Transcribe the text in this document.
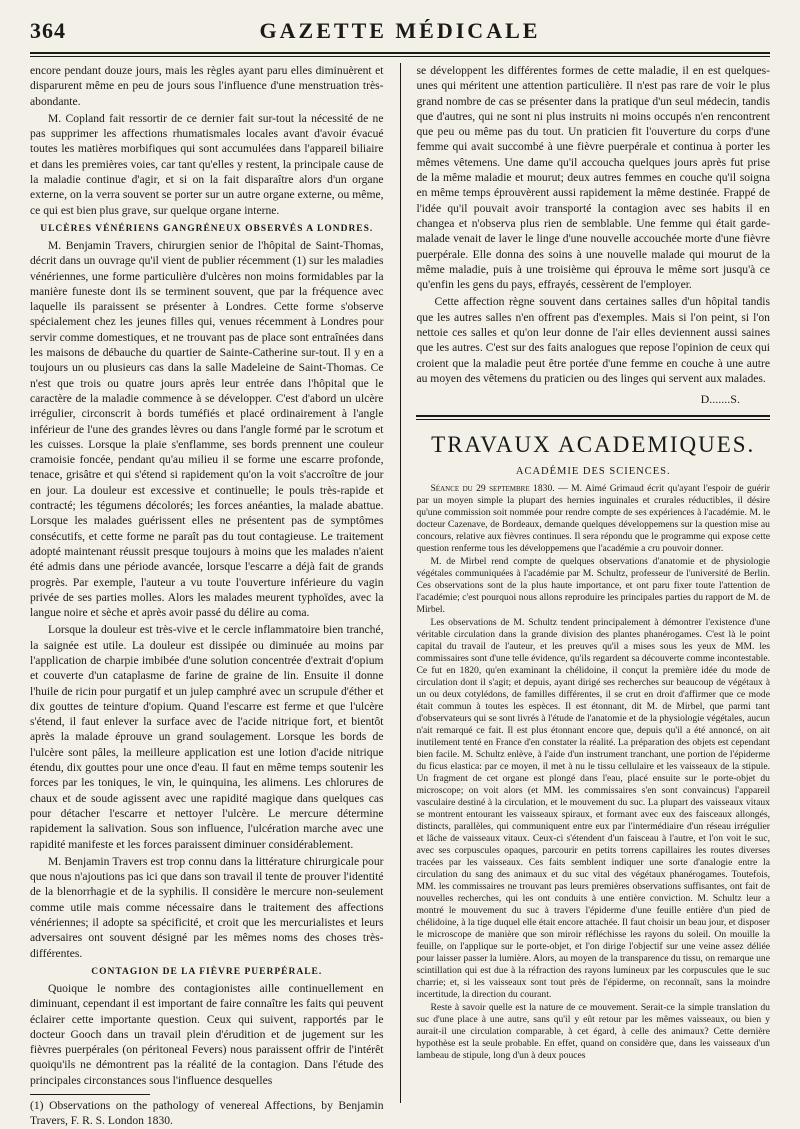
364	GAZETTE MÉDICALE

encore pendant douze jours, mais les règles ayant paru elles diminuèrent et disparurent même en peu de jours sous l'influence d'une menstruation très-abondante.

M. Copland fait ressortir de ce dernier fait sur-tout la nécessité de ne pas supprimer les affections rhumatismales locales avant d'avoir évacué toutes les matières morbifiques qui sont accumulées dans l'appareil biliaire et dans les premières voies, car tant qu'elles y restent, la principale cause de la maladie continue d'agir, et si on la fait disparaître alors d'un organe externe, on la verra souvent se porter sur un autre organe externe, ou même, ce qui est bien plus grave, sur quelque organe interne.

ULCÈRES VÉNÉRIENS GANGRÉNEUX OBSERVÉS A LONDRES.

M. Benjamin Travers, chirurgien senior de l'hôpital de Saint-Thomas, décrit dans un ouvrage qu'il vient de publier récemment (1) sur les maladies vénériennes, une forme particulière d'ulcères non moins formidables par la manière funeste dont ils se terminent souvent, que par la fréquence avec laquelle ils paraissent se présenter à Londres. Cette forme s'observe spécialement chez les jeunes filles qui, venues récemment à Londres pour servir comme domestiques, et ne trouvant pas de place sont entraînées dans les maisons de débauche du quartier de Sainte-Catherine sur-tout. Il y en a toujours un ou plusieurs cas dans la salle Madeleine de Saint-Thomas. Ce n'est que trois ou quatre jours après leur entrée dans l'hôpital que le caractère de la maladie commence à se développer. C'est d'abord un ulcère irrégulier, circonscrit à bords tuméfiés et placé ordinairement à l'angle inférieur de l'une des grandes lèvres ou dans l'angle formé par le scrotum et les cuisses. Lorsque la plaie s'enflamme, ses bords prennent une couleur cramoisie foncée, pendant qu'au milieu il se forme une escarre profonde, tenace, grisâtre et qui s'étend si rapidement qu'on la voit s'accroître de jour en jour. La douleur est excessive et continuelle; le pouls très-rapide et contracté; les tégumens décolorés; les forces anéanties, la malade abattue. Lorsque les malades guérissent elles ne présentent pas de symptômes consécutifs, et cette forme ne paraît pas du tout contagieuse. Le traitement adopté maintenant réussit presque toujours à moins que les malades n'aient été admis dans une période avancée, lorsque l'escarre a déjà fait de grands progrès. Par exemple, l'auteur a vu toute l'ouverture inférieure du vagin privée de ses parties molles. Alors les malades meurent typhoïdes, avec la langue noire et sèche et après avoir passé du délire au coma.

Lorsque la douleur est très-vive et le cercle inflammatoire bien tranché, la saignée est utile. La douleur est dissipée ou diminuée au moins par l'application de charpie imbibée d'une solution concentrée d'extrait d'opium et couverte d'un cataplasme de farine de graine de lin. Ensuite il donne l'huile de ricin pour purgatif et un julep camphré avec un scrupule d'éther et dix gouttes de teinture d'opium. Quand l'escarre est ferme et que l'ulcère s'étend, il faut enlever la surface avec de l'acide nitrique fort, et bientôt après la malade éprouve un grand soulagement. Lorsque les bords de l'ulcère sont pâles, la meilleure application est une lotion d'acide nitrique étendu, dix gouttes pour une once d'eau. Il faut en même temps soutenir les forces par les toniques, le vin, le quinquina, les alimens. Les chlorures de chaux et de soude agissent avec une rapidité magique dans quelques cas pour détacher l'escarre et nettoyer l'ulcère. Le mercure détermine rapidement la salivation. Sous son influence, l'ulcération marche avec une rapidité manifeste et les forces paraissent diminuer considérablement.

M. Benjamin Travers est trop connu dans la littérature chirurgicale pour que nous n'ajoutions pas ici que dans son travail il tente de prouver l'identité de la blenorrhagie et de la syphilis. Il considère le mercure non-seulement comme utile mais comme nécessaire dans le traitement des affections vénériennes; il adopte sa spécificité, et croit que les mercurialistes et leurs adversaires ont souvent désigné par les mêmes noms des choses très-différentes.

CONTAGION DE LA FIÈVRE PUERPÉRALE.

Quoique le nombre des contagionistes aille continuellement en diminuant, cependant il est important de faire connaître les faits qui peuvent éclairer cette importante question. Ceux qui suivent, rapportés par le docteur Gooch dans un travail plein d'érudition et de jugement sur les fièvres puerpérales (on péritoneal Fevers) nous paraissent offrir de l'intérêt quoiqu'ils ne démontrent pas la réalité de la contagion. Dans l'étude des principales circonstances sous l'influence desquelles

(1) Observations on the pathology of venereal Affections, by Benjamin Travers, F. R. S. London 1830.

se développent les différentes formes de cette maladie, il en est quelques-unes qui méritent une attention particulière. Il n'est pas rare de voir le plus grand nombre de cas se présenter dans la pratique d'un seul médecin, tandis que d'autres, qui ne sont ni plus instruits ni moins occupés n'en rencontrent que peu ou même pas du tout. Un praticien fit l'ouverture du corps d'une femme qui avait succombé à une fièvre puerpérale et continua à porter les mêmes vêtemens. Une dame qu'il accoucha quelques jours après fut prise de la même maladie et mourut; deux autres femmes en couche qu'il soigna en même temps éprouvèrent aussi rapidement la même destinée. Frappé de l'idée qu'il pouvait avoir transporté la contagion avec ses habits il en changea et n'observa plus rien de semblable. Une femme qui était garde-malade venait de laver le linge d'une nouvelle accouchée morte d'une fièvre puerpérale. Elle donna des soins à une nouvelle malade qui mourut de la même maladie, puis à une troisième qui éprouva le même sort jusqu'à ce qu'enfin les gens du pays, effrayés, cessèrent de l'employer.

Cette affection règne souvent dans certaines salles d'un hôpital tandis que les autres salles n'en offrent pas d'exemples. Mais si l'on peint, si l'on nettoie ces salles et qu'on leur donne de l'air elles deviennent aussi saines que les autres. C'est sur des faits analogues que repose l'opinion de ceux qui croient que la maladie peut être portée d'une femme en couche à une autre au moyen des vêtemens du praticien ou des linges qui servent aux malades.

D.......S.
TRAVAUX ACADEMIQUES.
ACADÉMIE DES SCIENCES.

Séance du 29 septembre 1830. — M. Aimé Grimaud écrit qu'ayant l'espoir de guérir par un moyen simple la plupart des hernies inguinales et crurales réductibles, il désire qu'une commission soit nommée pour rendre compte de ses expériences à l'académie. M. le docteur Cazenave, de Bordeaux, demande quelques développemens sur la question mise au concours, relative aux fièvres continues. Il sera répondu que le programme qui expose cette question renferme tous les développemens que l'académie a cru pouvoir donner.

M. de Mirbel rend compte de quelques observations d'anatomie et de physiologie végétales communiquées à l'académie par M. Schultz, professeur de l'université de Berlin. Ces observations sont de la plus haute importance, et ont paru fixer toute l'attention de l'académie; c'est pourquoi nous allons reproduire les principales parties du rapport de M. de Mirbel.

Les observations de M. Schultz tendent principalement à démontrer l'existence d'une véritable circulation dans la grande division des plantes phanérogames. C'est là le point capital du travail de l'auteur, et les preuves qu'il a mises sous les yeux de MM. les commissaires sont d'une telle évidence, qu'ils regardent sa découverte comme incontestable. Ce fut en 1820, qu'en examinant la chélidoine, il conçut la première idée du mode de circulation dont il s'agit; et depuis, ayant dirigé ses recherches sur beaucoup de végétaux à un ou deux cotylédons, de familles différentes, il se crut en droit d'affirmer que ce mode était commun à toutes les espèces. Il est étonnant, dit M. de Mirbel, que parmi tant d'observateurs qui se sont livrés à l'étude de l'anatomie et de la physiologie végétales, aucun n'ait remarqué ce fait. Il est plus étonnant encore que, depuis qu'il a été annoncé, on ait inutilement tenté en France d'en constater la réalité. La préparation des objets est cependant bien facile. M. Schultz enlève, à l'aide d'un instrument tranchant, une portion de l'épiderme du ficus elastica: par ce moyen, il met à nu le tissu cellulaire et les vaisseaux de la stipule. Un fragment de cet organe est plongé dans l'eau, placé ensuite sur le porte-objet du microscope; on voit alors (et MM. les commissaires s'en sont convaincus) l'appareil vasculaire destiné à la circulation, et le mouvement du suc. La plupart des vaisseaux vitaux se montrent entourant les vaisseaux spiraux, et formant avec eux des faisceaux allongés, distincts, parallèles, qui communiquent entre eux par l'intermédiaire d'un réseau irrégulier et lâche de vaisseaux vitaux. Ceux-ci s'étendent d'un faisceau à l'autre, et l'on voit le suc, avec ses corpuscules opaques, parcourir en petits torrens capillaires les routes diverses tracées par les vaisseaux. Ces faits semblent indiquer une sorte d'analogie entre la circulation du sang des animaux et du suc vital des végétaux phanérogames. Toutefois, MM. les commissaires ne trouvant pas leurs premières observations suffisantes, ont fait de nouvelles recherches, qui les ont conduits à une entière conviction. M. Schultz leur a montré le mouvement du suc à travers l'épiderme d'une feuille entière d'un pied de chélidoine, à la tige duquel elle était encore attachée. Il faut choisir un beau jour, et disposer le microscope de manière que son miroir réfléchisse les rayons du soleil. On mouille la feuille, on l'applique sur le porte-objet, et l'on dirige l'objectif sur une veine assez déliée pour laisser passer la lumière. Alors, au moyen de la transparence du tissu, on remarque une scintillation qui est due à la réfraction des rayons lumineux par les corpuscules que le suc charrie; et, si les vaisseaux sont tout près de l'épiderme, on reconnaît, sans la moindre incertitude, la direction du courant.

Reste à savoir quelle est la nature de ce mouvement. Serait-ce la simple translation du suc d'une place à une autre, sans qu'il y eût retour par les mêmes vaisseaux, ou bien y aurait-il une circulation comparable, à cet égard, à celle des animaux? Cette dernière hypothèse est la seule probable. En effet, quand on considère que, dans les vaisseaux d'un lambeau de stipule, long d'un à deux pouces
